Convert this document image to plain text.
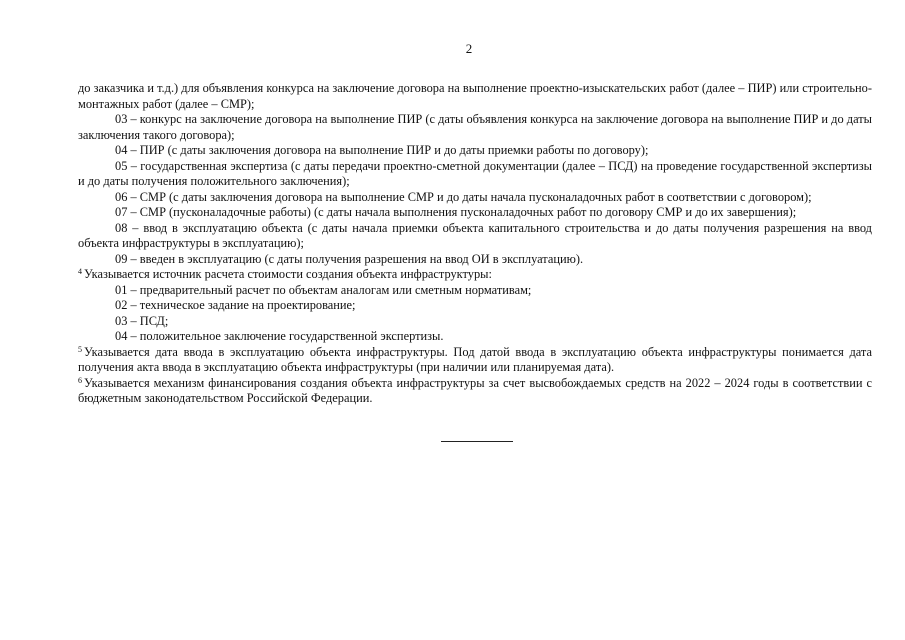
2

до заказчика и т.д.) для объявления конкурса на заключение договора на выполнение проектно-изыскательских работ (далее – ПИР) или строительно-монтажных работ (далее – СМР);

03 – конкурс на заключение договора на выполнение ПИР (с даты объявления конкурса на заключение договора на выполнение ПИР и до даты заключения такого договора);

04 – ПИР (с даты заключения договора на выполнение ПИР и до даты приемки работы по договору);

05 – государственная экспертиза (с даты передачи проектно-сметной документации (далее – ПСД) на проведение государственной экспертизы и до даты получения положительного заключения);

06 – СМР (с даты заключения договора на выполнение СМР и до даты начала пусконаладочных работ в соответствии с договором);

07 – СМР (пусконаладочные работы) (с даты начала выполнения пусконаладочных работ по договору СМР и до их завершения);

08 – ввод в эксплуатацию объекта (с даты начала приемки объекта капитального строительства и до даты получения разрешения на ввод объекта инфраструктуры в эксплуатацию);

09 – введен в эксплуатацию (с даты получения разрешения на ввод ОИ в эксплуатацию).

$^4$ Указывается источник расчета стоимости создания объекта инфраструктуры:

01 – предварительный расчет по объектам аналогам или сметным нормативам;

02 – техническое задание на проектирование;

03 – ПСД;

04 – положительное заключение государственной экспертизы.

$^5$ Указывается дата ввода в эксплуатацию объекта инфраструктуры. Под датой ввода в эксплуатацию объекта инфраструктуры понимается дата получения акта ввода в эксплуатацию объекта инфраструктуры (при наличии или планируемая дата).

$^6$ Указывается механизм финансирования создания объекта инфраструктуры за счет высвобождаемых средств на 2022 – 2024 годы в соответствии с бюджетным законодательством Российской Федерации.
